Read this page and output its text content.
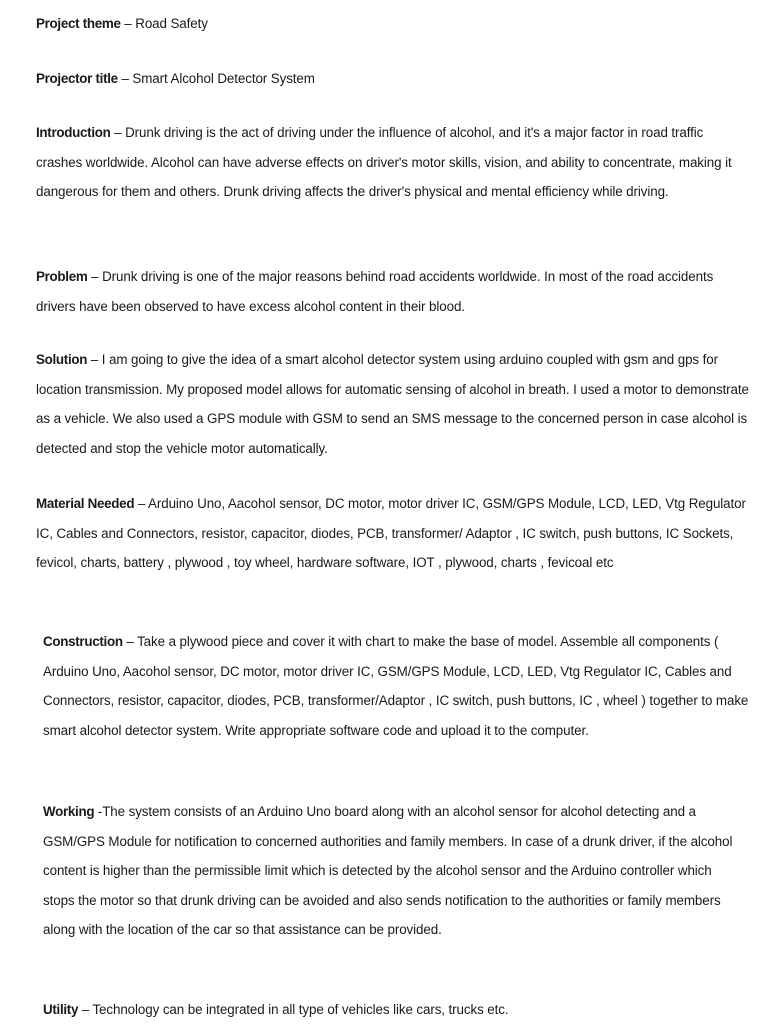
Project theme – Road Safety

Projector title – Smart Alcohol Detector System

Introduction – Drunk driving is the act of driving under the influence of alcohol, and it's a major factor in road traffic crashes worldwide. Alcohol can have adverse effects on driver's motor skills, vision, and ability to concentrate, making it dangerous for them and others. Drunk driving affects the driver's physical and mental efficiency while driving.

Problem – Drunk driving is one of the major reasons behind road accidents worldwide. In most of the road accidents drivers have been observed to have excess alcohol content in their blood.

Solution – I am going to give the idea of a smart alcohol detector system using arduino coupled with gsm and gps for location transmission. My proposed model allows for automatic sensing of alcohol in breath. I used a motor to demonstrate as a vehicle. We also used a GPS module with GSM to send an SMS message to the concerned person in case alcohol is detected and stop the vehicle motor automatically.

Material Needed – Arduino Uno, Aacohol sensor, DC motor, motor driver IC, GSM/GPS Module, LCD, LED, Vtg Regulator IC, Cables and Connectors, resistor, capacitor, diodes, PCB, transformer/ Adaptor , IC switch, push buttons, IC Sockets, fevicol, charts, battery , plywood , toy wheel, hardware software, IOT , plywood, charts , fevicoal etc

Construction – Take a plywood piece and cover it with chart to make the base of model. Assemble all components ( Arduino Uno, Aacohol sensor, DC motor, motor driver IC, GSM/GPS Module, LCD, LED, Vtg Regulator IC, Cables and Connectors, resistor, capacitor, diodes, PCB, transformer/Adaptor , IC switch, push buttons, IC , wheel ) together to make smart alcohol detector system. Write appropriate software code and upload it to the computer.

Working -The system consists of an Arduino Uno board along with an alcohol sensor for alcohol detecting and a GSM/GPS Module for notification to concerned authorities and family members. In case of a drunk driver, if the alcohol content is higher than the permissible limit which is detected by the alcohol sensor and the Arduino controller which stops the motor so that drunk driving can be avoided and also sends notification to the authorities or family members along with the location of the car so that assistance can be provided.

Utility – Technology can be integrated in all type of vehicles like cars, trucks etc.
